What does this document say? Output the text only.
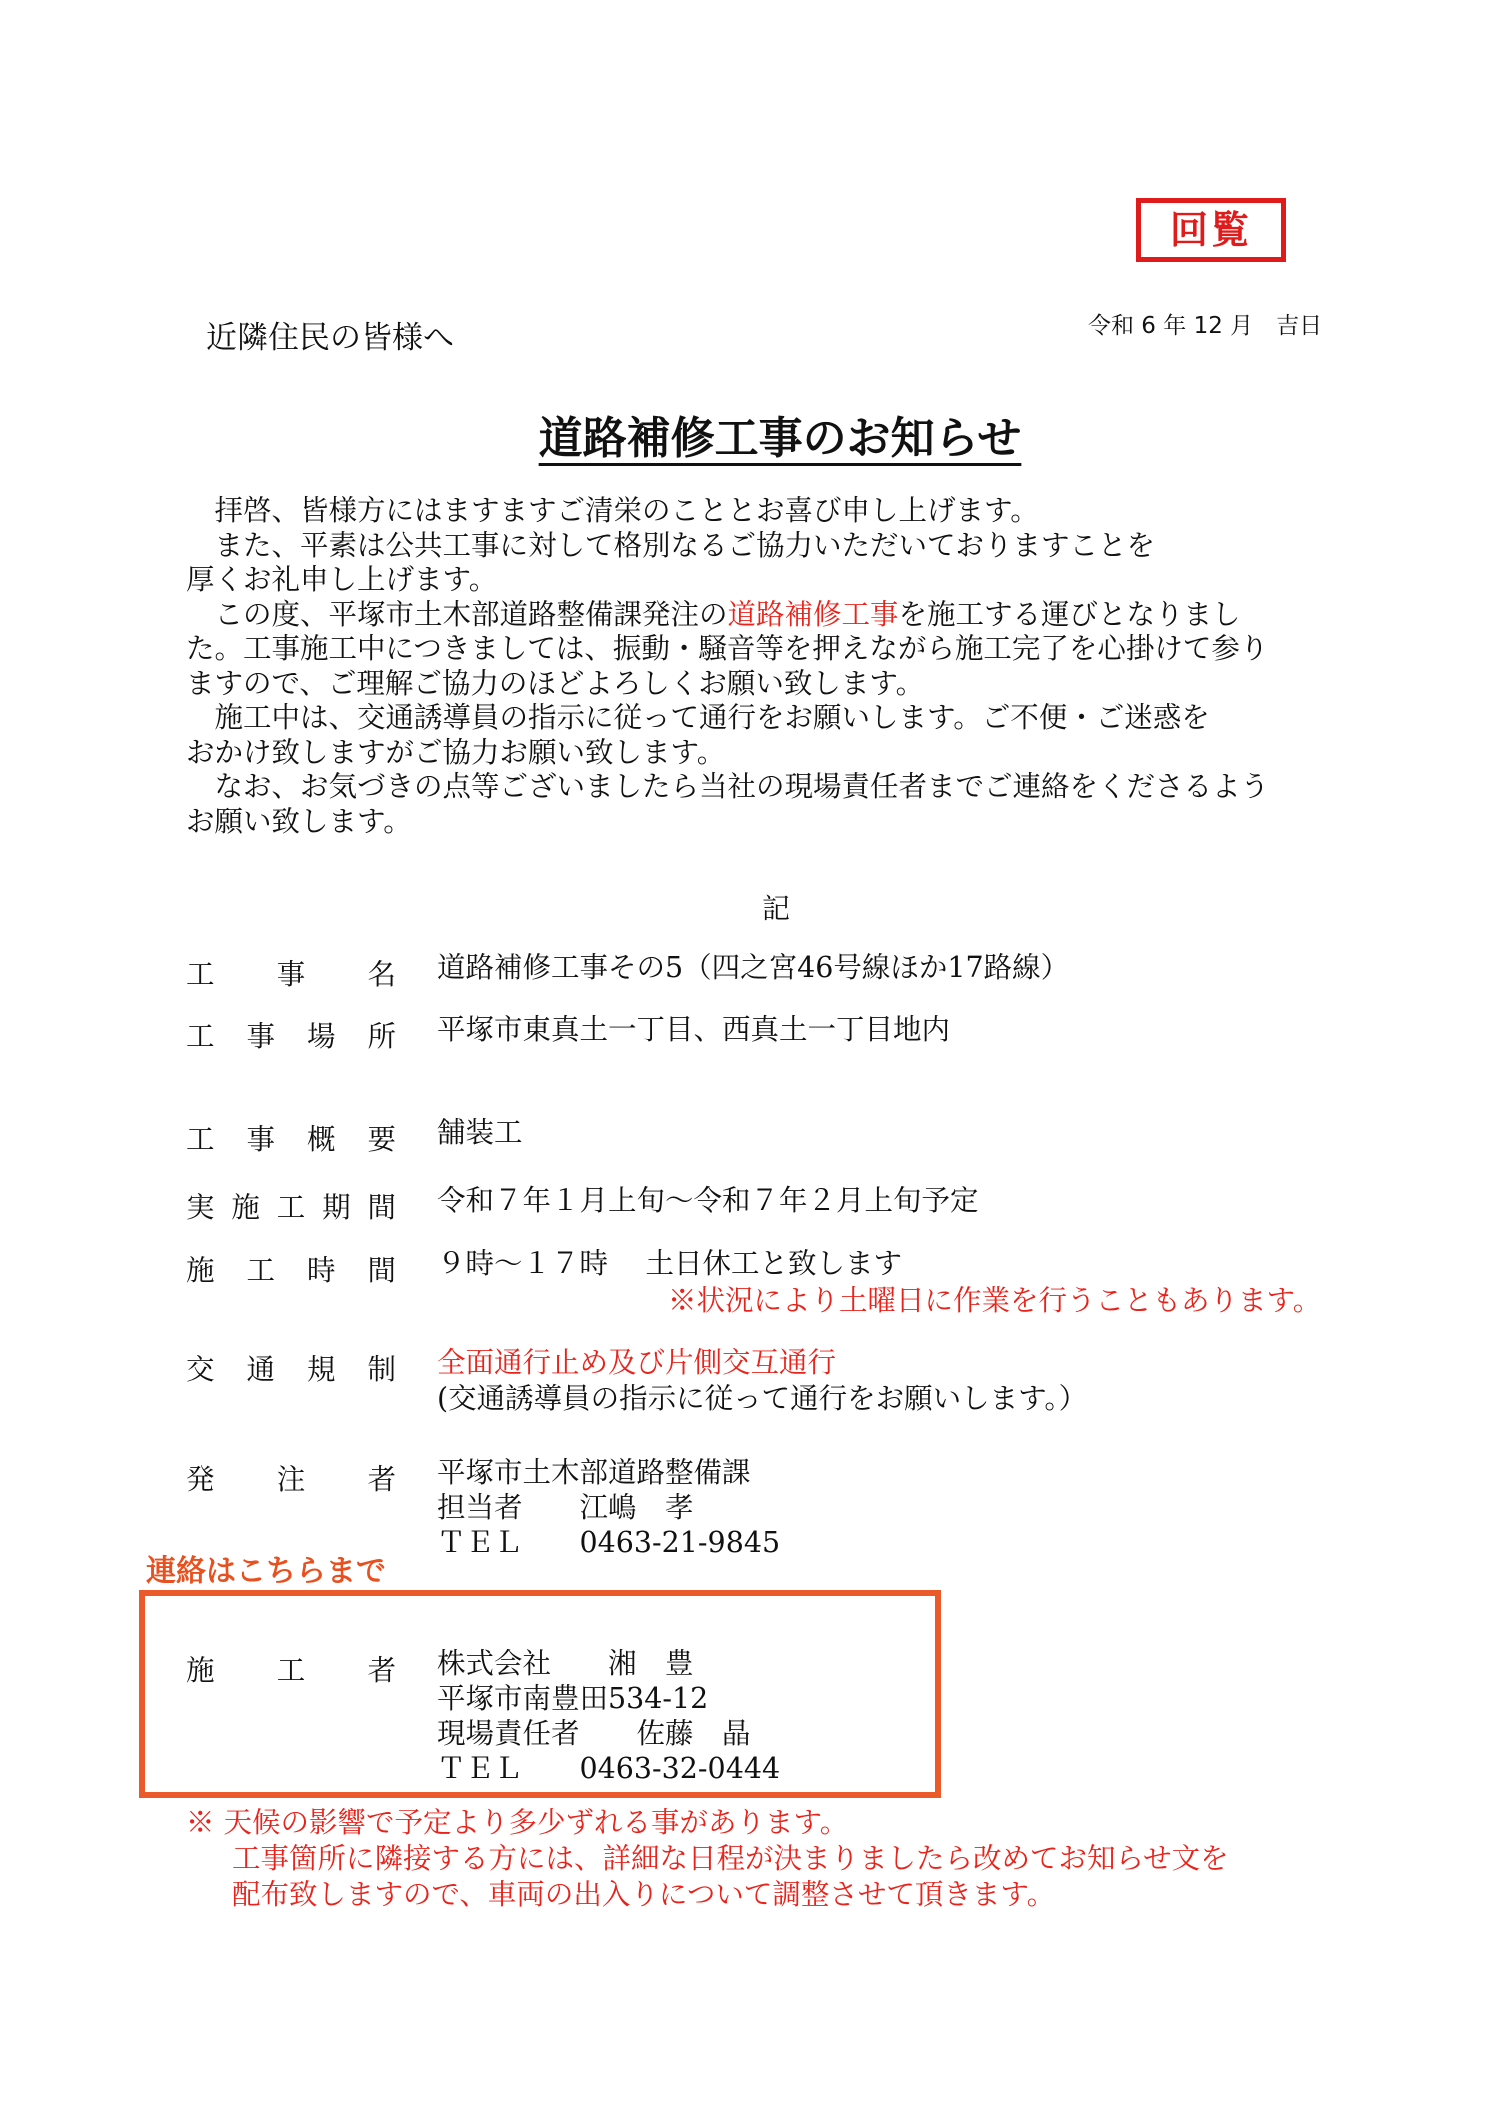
回覧
近隣住民の皆様へ	令和 6 年 12 月　吉日
道路補修工事のお知らせ

　拝啓、皆様方にはますますご清栄のこととお喜び申し上げます。

　また、平素は公共工事に対して格別なるご協力いただいておりますことを

厚くお礼申し上げます。

　この度、平塚市土木部道路整備課発注の道路補修工事を施工する運びとなりまし

た。工事施工中につきましては、振動・騒音等を押えながら施工完了を心掛けて参り

ますので、ご理解ご協力のほどよろしくお願い致します。

　施工中は、交通誘導員の指示に従って通行をお願いします。ご不便・ご迷惑を

おかけ致しますがご協力お願い致します。

　なお、お気づきの点等ございましたら当社の現場責任者までご連絡をくださるよう

お願い致します。

記
工 事 名 道路補修工事その5（四之宮46号線ほか17路線）
工 事 場 所 平塚市東真土一丁目、西真土一丁目地内
工 事 概 要 舗装工
実 施 工 期 間 令和７年１月上旬～令和７年２月上旬予定
施 工 時 間 ９時～１７時　 土日休工と致します
※状況により土曜日に作業を行うこともあります。
交 通 規 制 全面通行止め及び片側交互通行
(交通誘導員の指示に従って通行をお願いします。）
発 注 者 平塚市土木部道路整備課
担当者　　江嶋　孝
ＴＥＬ　　0463-21-9845
連絡はこちらまで
施 工 者 株式会社　　湘　豊
平塚市南豊田534-12
現場責任者　　佐藤　晶
ＴＥＬ　　0463-32-0444
※ 天候の影響で予定より多少ずれる事があります。
工事箇所に隣接する方には、詳細な日程が決まりましたら改めてお知らせ文を
配布致しますので、車両の出入りについて調整させて頂きます。
